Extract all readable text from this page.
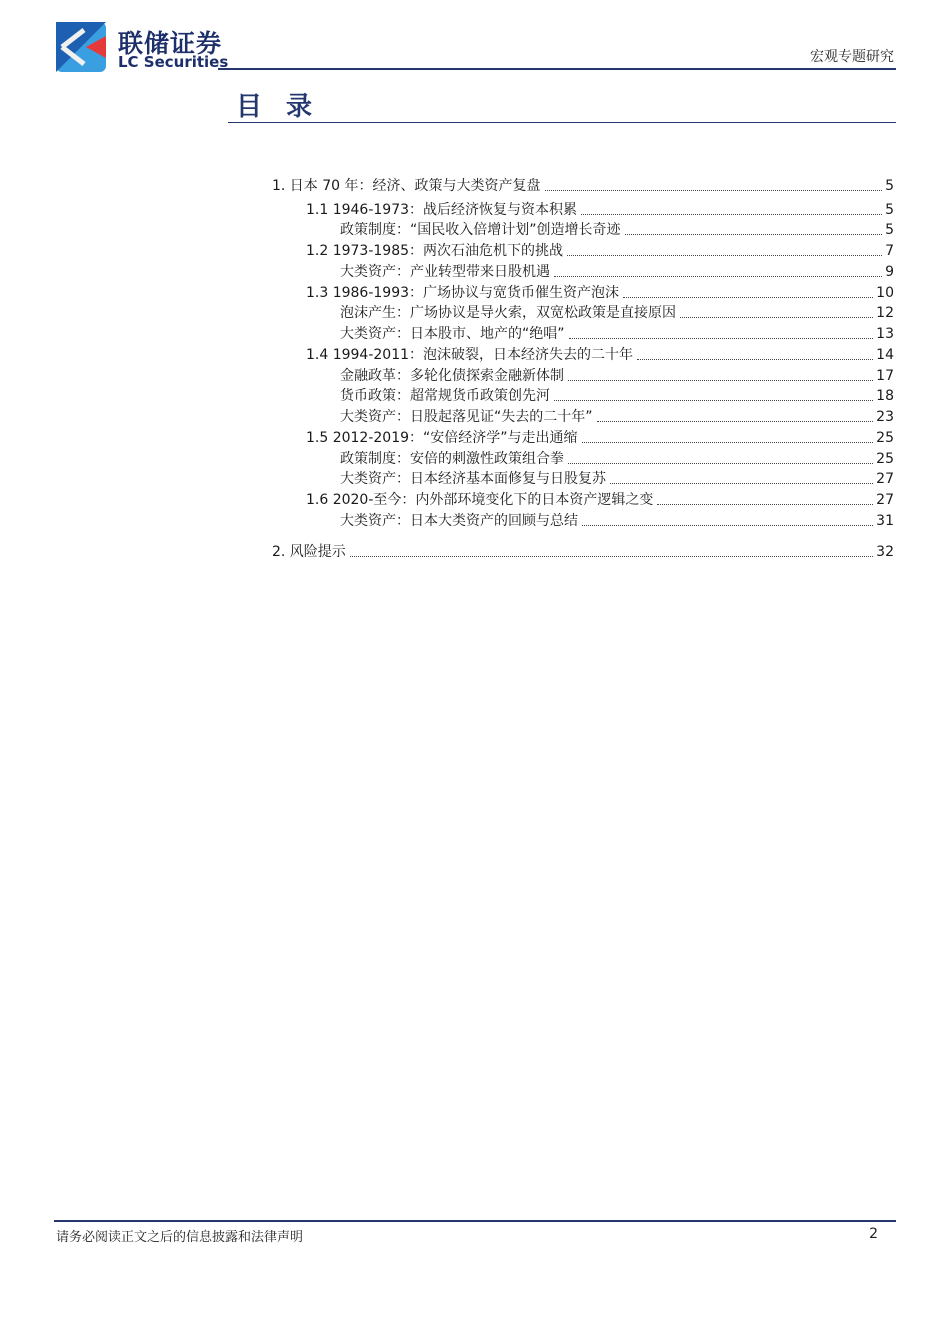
联储证券
LC Securities	宏观专题研究
目录
1. 日本 70 年：经济、政策与大类资产复盘	5
1.1 1946-1973：战后经济恢复与资本积累	5
政策制度：“国民收入倍增计划”创造增长奇迹	5
1.2 1973-1985：两次石油危机下的挑战	7
大类资产：产业转型带来日股机遇	9
1.3 1986-1993：广场协议与宽货币催生资产泡沫	10
泡沫产生：广场协议是导火索，双宽松政策是直接原因	12
大类资产：日本股市、地产的“绝唱”	13
1.4 1994-2011：泡沫破裂，日本经济失去的二十年	14
金融政革：多轮化债探索金融新体制	17
货币政策：超常规货币政策创先河	18
大类资产：日股起落见证“失去的二十年”	23
1.5 2012-2019：“安倍经济学”与走出通缩	25
政策制度：安倍的刺激性政策组合拳	25
大类资产：日本经济基本面修复与日股复苏	27
1.6 2020-至今：内外部环境变化下的日本资产逻辑之变	27
大类资产：日本大类资产的回顾与总结	31
2. 风险提示	32
请务必阅读正文之后的信息披露和法律声明	2
